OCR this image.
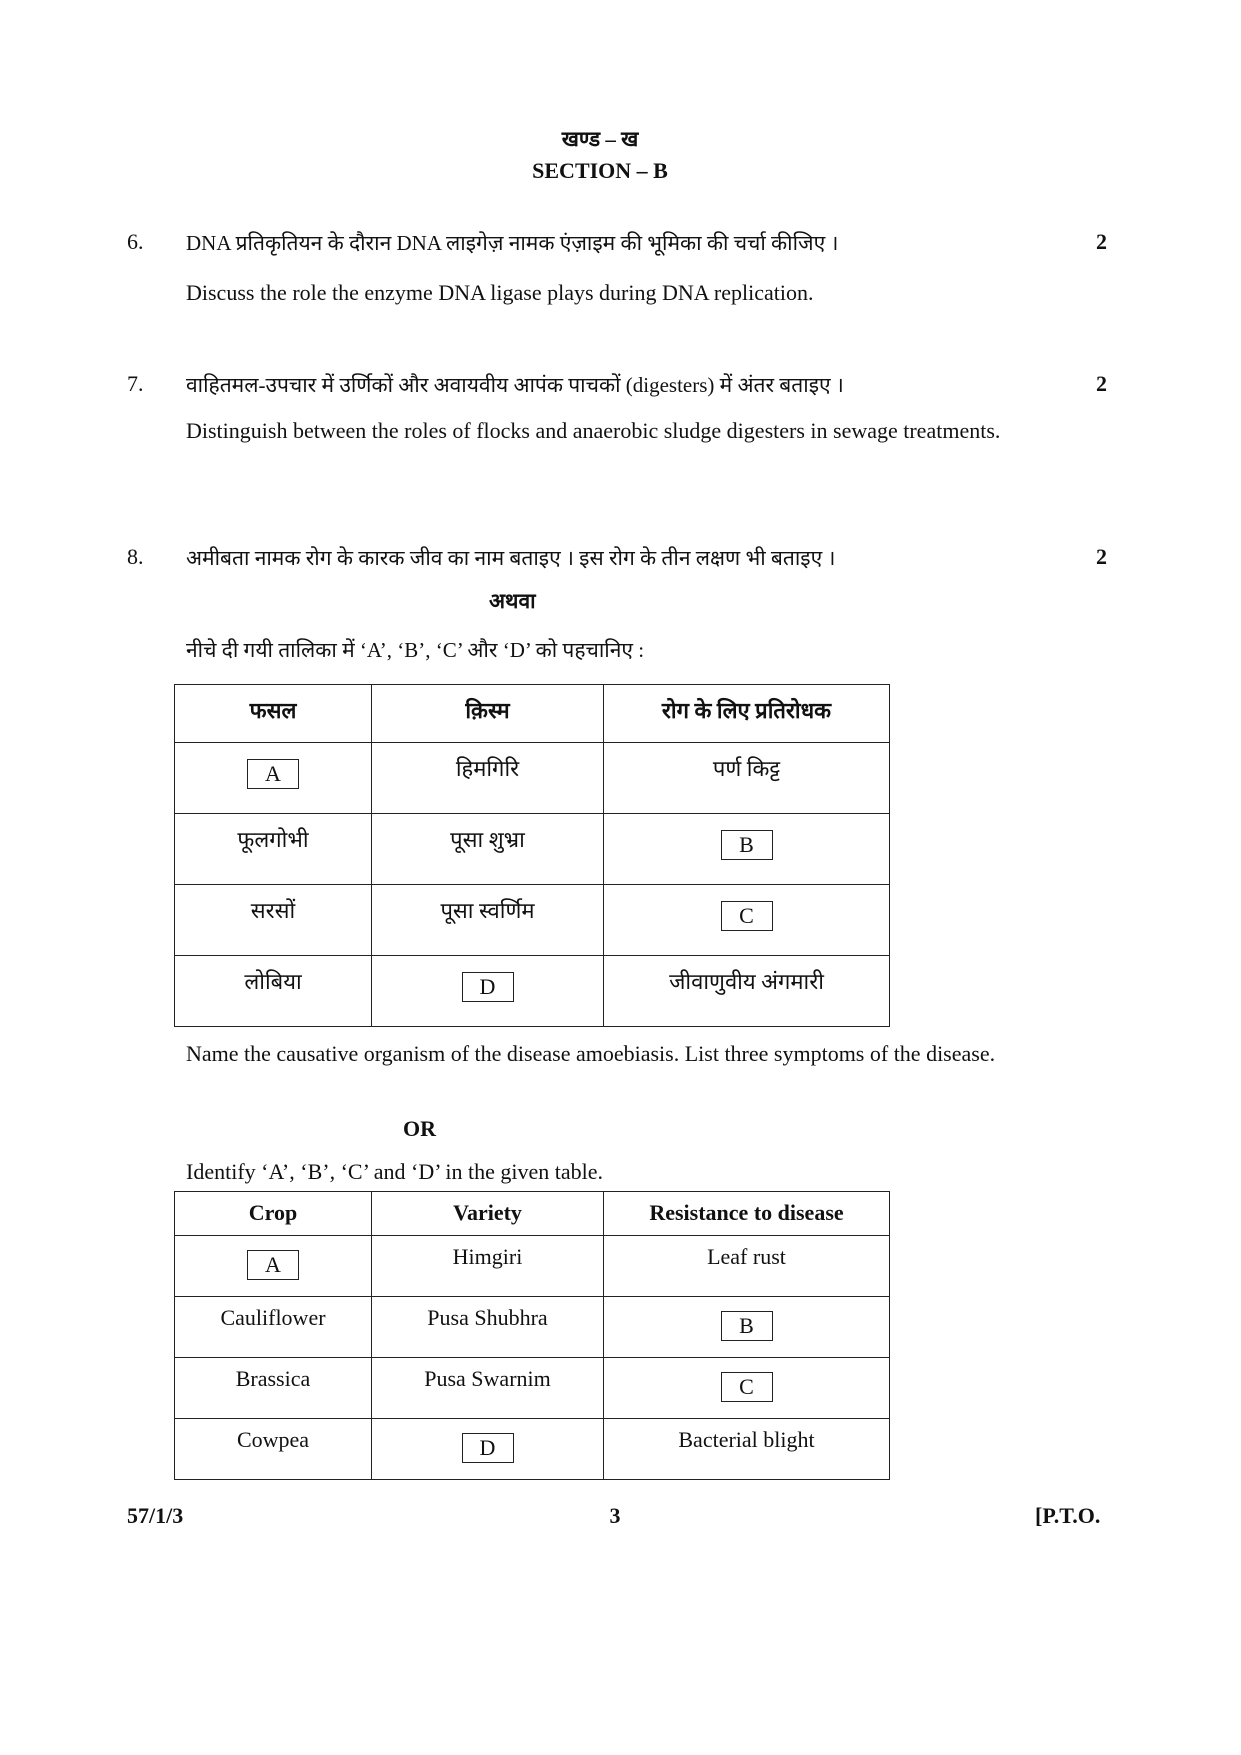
खण्ड – ख
SECTION – B
6. DNA प्रतिकृतियन के दौरान DNA लाइगेज़ नामक एंज़ाइम की भूमिका की चर्चा कीजिए ।	2
Discuss the role the enzyme DNA ligase plays during DNA replication.
7. वाहितमल-उपचार में उर्णिकों और अवायवीय आपंक पाचकों (digesters) में अंतर बताइए ।	2
Distinguish between the roles of flocks and anaerobic sludge digesters in sewage treatments.
8. अमीबता नामक रोग के कारक जीव का नाम बताइए । इस रोग के तीन लक्षण भी बताइए ।	2
अथवा
नीचे दी गयी तालिका में ‘A’, ‘B’, ‘C’ और ‘D’ को पहचानिए :
फसल	क़िस्म	रोग के लिए प्रतिरोधक
A	हिमगिरि	पर्ण किट्ट
फूलगोभी	पूसा शुभ्रा	B
सरसों	पूसा स्वर्णिम	C
लोबिया	D	जीवाणुवीय अंगमारी
Name the causative organism of the disease amoebiasis. List three symptoms of the disease.
OR
Identify ‘A’, ‘B’, ‘C’ and ‘D’ in the given table.
Crop	Variety	Resistance to disease
A	Himgiri	Leaf rust
Cauliflower	Pusa Shubhra	B
Brassica	Pusa Swarnim	C
Cowpea	D	Bacterial blight
57/1/3	3	[P.T.O.
